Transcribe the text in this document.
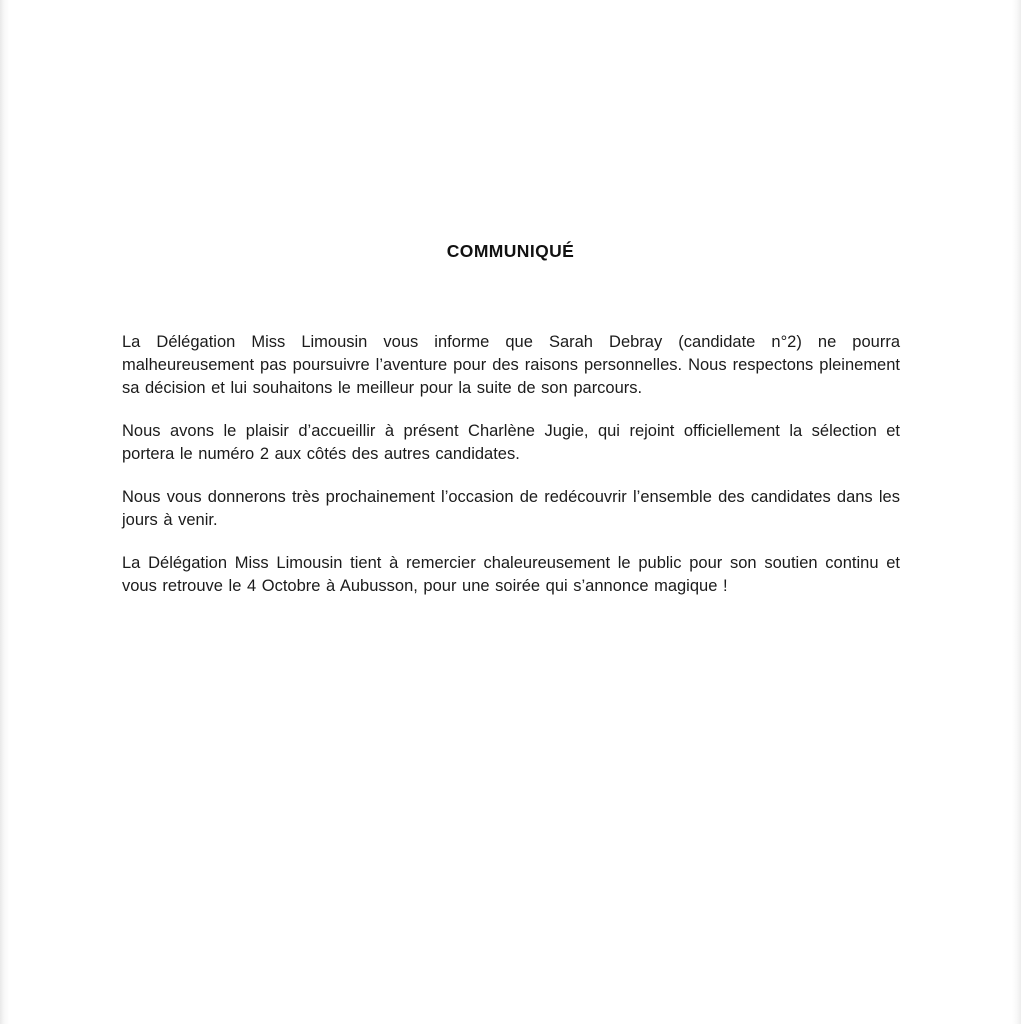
COMMUNIQUÉ

La Délégation Miss Limousin vous informe que Sarah Debray (candidate n°2) ne pourra malheureusement pas poursuivre l’aventure pour des raisons personnelles. Nous respectons pleinement sa décision et lui souhaitons le meilleur pour la suite de son parcours.

Nous avons le plaisir d’accueillir à présent Charlène Jugie, qui rejoint officiellement la sélection et portera le numéro 2 aux côtés des autres candidates.

Nous vous donnerons très prochainement l’occasion de redécouvrir l’ensemble des candidates dans les jours à venir.

La Délégation Miss Limousin tient à remercier chaleureusement le public pour son soutien continu et vous retrouve le 4 Octobre à Aubusson, pour une soirée qui s’annonce magique !
